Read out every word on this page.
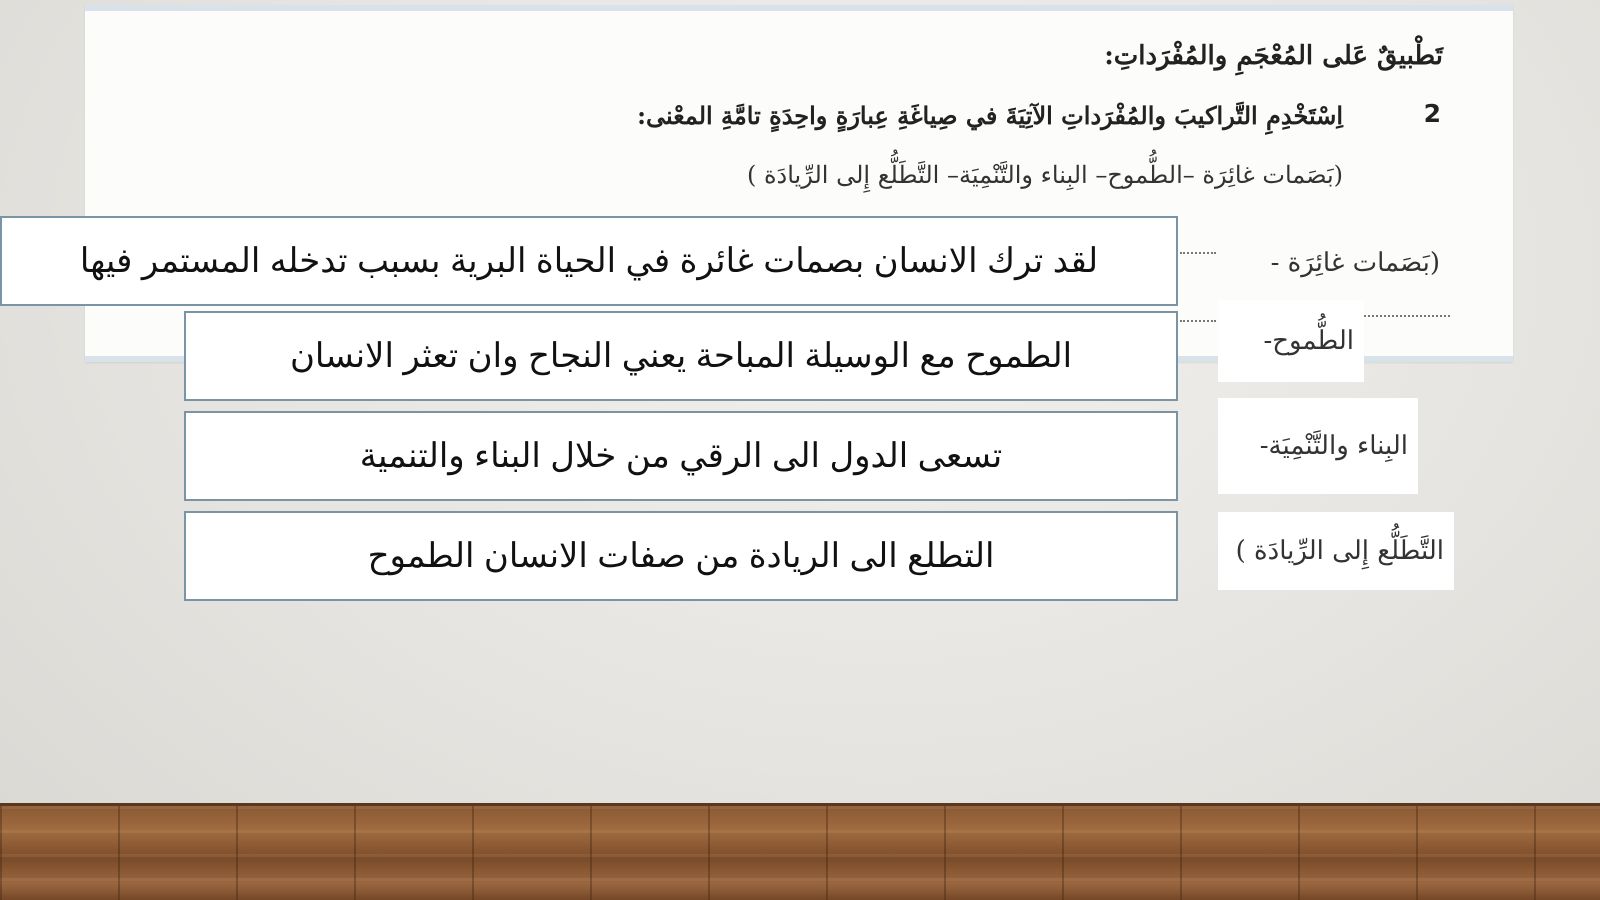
تَطْبيقٌ عَلى المُعْجَمِ والمُفْرَداتِ:
2
اِسْتَخْدِمِ التَّراكيبَ والمُفْرَداتِ الآتِيَةَ في صِياغَةِ عِبارَةٍ واحِدَةٍ تامَّةِ المعْنى:
(بَصَمات غائِرَة –الطُّموح– البِناء والتَّنْمِيَة– التَّطَلُّع إِلى الرِّيادَة )
(بَصَمات غائِرَة -
الطُّموح-
البِناء والتَّنْمِيَة-
التَّطَلُّع إِلى الرِّيادَة )
لقد ترك الانسان بصمات غائرة في الحياة البرية بسبب تدخله المستمر فيها
الطموح مع الوسيلة المباحة يعني النجاح وان تعثر الانسان
تسعى الدول الى الرقي من خلال البناء والتنمية
التطلع الى الريادة من صفات الانسان الطموح
